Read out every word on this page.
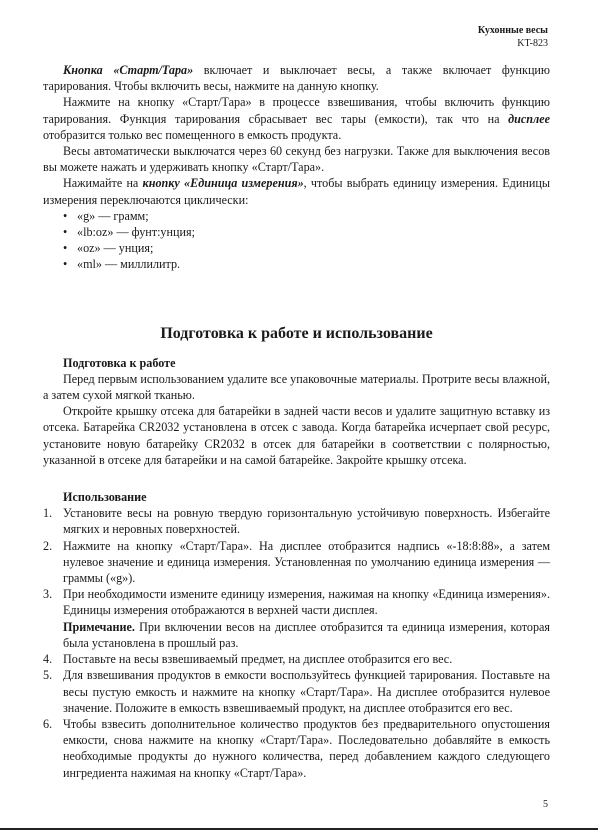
Кухонные весы
KT-823

Кнопка «Старт/Тара» включает и выключает весы, а также включает функцию тарирования. Чтобы включить весы, нажмите на данную кнопку.

Нажмите на кнопку «Старт/Тара» в процессе взвешивания, чтобы включить функцию тарирования. Функция тарирования сбрасывает вес тары (емкости), так что на дисплее отобразится только вес помещенного в емкость продукта.

Весы автоматически выключатся через 60 секунд без нагрузки. Также для выключения весов вы можете нажать и удерживать кнопку «Старт/Тара».

Нажимайте на кнопку «Единица измерения», чтобы выбрать единицу измерения. Единицы измерения переключаются циклически:

• «g» — грамм;
• «lb:oz» — фунт:унция;
• «oz» — унция;
• «ml» — миллилитр.
Подготовка к работе и использование

Подготовка к работе

Перед первым использованием удалите все упаковочные материалы. Протрите весы влажной, а затем сухой мягкой тканью.

Откройте крышку отсека для батарейки в задней части весов и удалите защитную вставку из отсека. Батарейка CR2032 установлена в отсек с завода. Когда батарейка исчерпает свой ресурс, установите новую батарейку CR2032 в отсек для батарейки в соответствии с полярностью, указанной в отсеке для батарейки и на самой батарейке. Закройте крышку отсека.

Использование

1. Установите весы на ровную твердую горизонтальную устойчивую поверхность. Избегайте мягких и неровных поверхностей.
2. Нажмите на кнопку «Старт/Тара». На дисплее отобразится надпись «-18:8:88», а затем нулевое значение и единица измерения. Установленная по умолчанию единица измерения — граммы («g»).
3. При необходимости измените единицу измерения, нажимая на кнопку «Единица измерения». Единицы измерения отображаются в верхней части дисплея.
Примечание. При включении весов на дисплее отобразится та единица измерения, которая была установлена в прошлый раз.
4. Поставьте на весы взвешиваемый предмет, на дисплее отобразится его вес.
5. Для взвешивания продуктов в емкости воспользуйтесь функцией тарирования. Поставьте на весы пустую емкость и нажмите на кнопку «Старт/Тара». На дисплее отобразится нулевое значение. Положите в емкость взвешиваемый продукт, на дисплее отобразится его вес.
6. Чтобы взвесить дополнительное количество продуктов без предварительного опустошения емкости, снова нажмите на кнопку «Старт/Тара». Последовательно добавляйте в емкость необходимые продукты до нужного количества, перед добавлением каждого следующего ингредиента нажимая на кнопку «Старт/Тара».
5
